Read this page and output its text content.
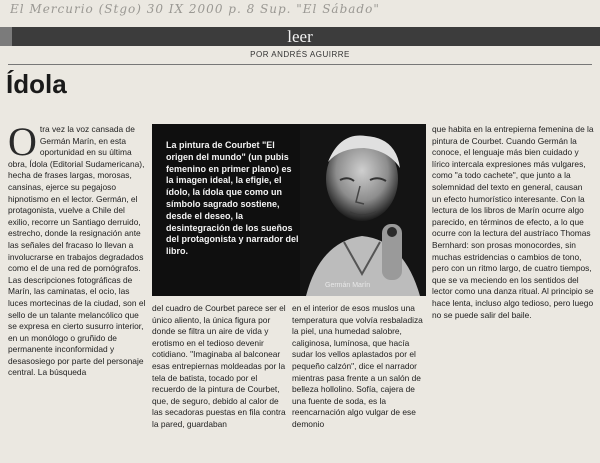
El Mercurio (Stgo) 30 IX 2000 p. 8 Sup. "El Sábado"
leer
POR ANDRÉS AGUIRRE
Ídola
Otra vez la voz cansada de Germán Marín, en esta oportunidad en su última obra, Ídola (Editorial Sudamericana), hecha de frases largas, morosas, cansinas, ejerce su pegajoso hipnotismo en el lector. Germán, el protagonista, vuelve a Chile del exilio, recorre un Santiago derruido, estrecho, donde la resignación ante las señales del fracaso lo llevan a involucrarse en trabajos degradados como el de una red de pornógrafos. Las descripciones fotográficas de Marín, las caminatas, el ocio, las luces mortecinas de la ciudad, son el sello de un talante melancólico que se expresa en cierto susurro interior, en un monólogo o gruñido de permanente inconformidad y desasosiego por parte del personaje central. La búsqueda
La pintura de Courbet "El origen del mundo" (un pubis femenino en primer plano) es la imagen ideal, la efigie, el ídolo, la ídola que como un símbolo sagrado sostiene, desde el deseo, la desintegración de los sueños del protagonista y narrador del libro.
Germán Marín
del cuadro de Courbet parece ser el único aliento, la única figura por donde se filtra un aire de vida y erotismo en el tedioso devenir cotidiano. "Imaginaba al balconear esas entrepiernas moldeadas por la tela de batista, tocado por el recuerdo de la pintura de Courbet, que, de seguro, debido al calor de las secadoras puestas en fila contra la pared, guardaban
en el interior de esos muslos una temperatura que volvía resbaladiza la piel, una humedad salobre, caliginosa, lumínosa, que hacía sudar los vellos aplastados por el pequeño calzón", dice el narrador mientras pasa frente a un salón de belleza hollolino. Sofía, cajera de una fuente de soda, es la reencarnación algo vulgar de ese demonio
que habita en la entrepierna femenina de la pintura de Courbet. Cuando Germán la conoce, el lenguaje más bien cuidado y lírico intercala expresiones más vulgares, como "a todo cachete", que junto a la solemnidad del texto en general, causan un efecto humorístico interesante. Con la lectura de los libros de Marín ocurre algo parecido, en términos de efecto, a lo que ocurre con la lectura del austríaco Thomas Bernhard: son prosas monocordes, sin muchas estridencias o cambios de tono, pero con un ritmo largo, de cuatro tiempos, que se va meciendo en los sentidos del lector como una danza ritual. Al principio se hace lenta, incluso algo tedioso, pero luego no se puede salir del baile.
